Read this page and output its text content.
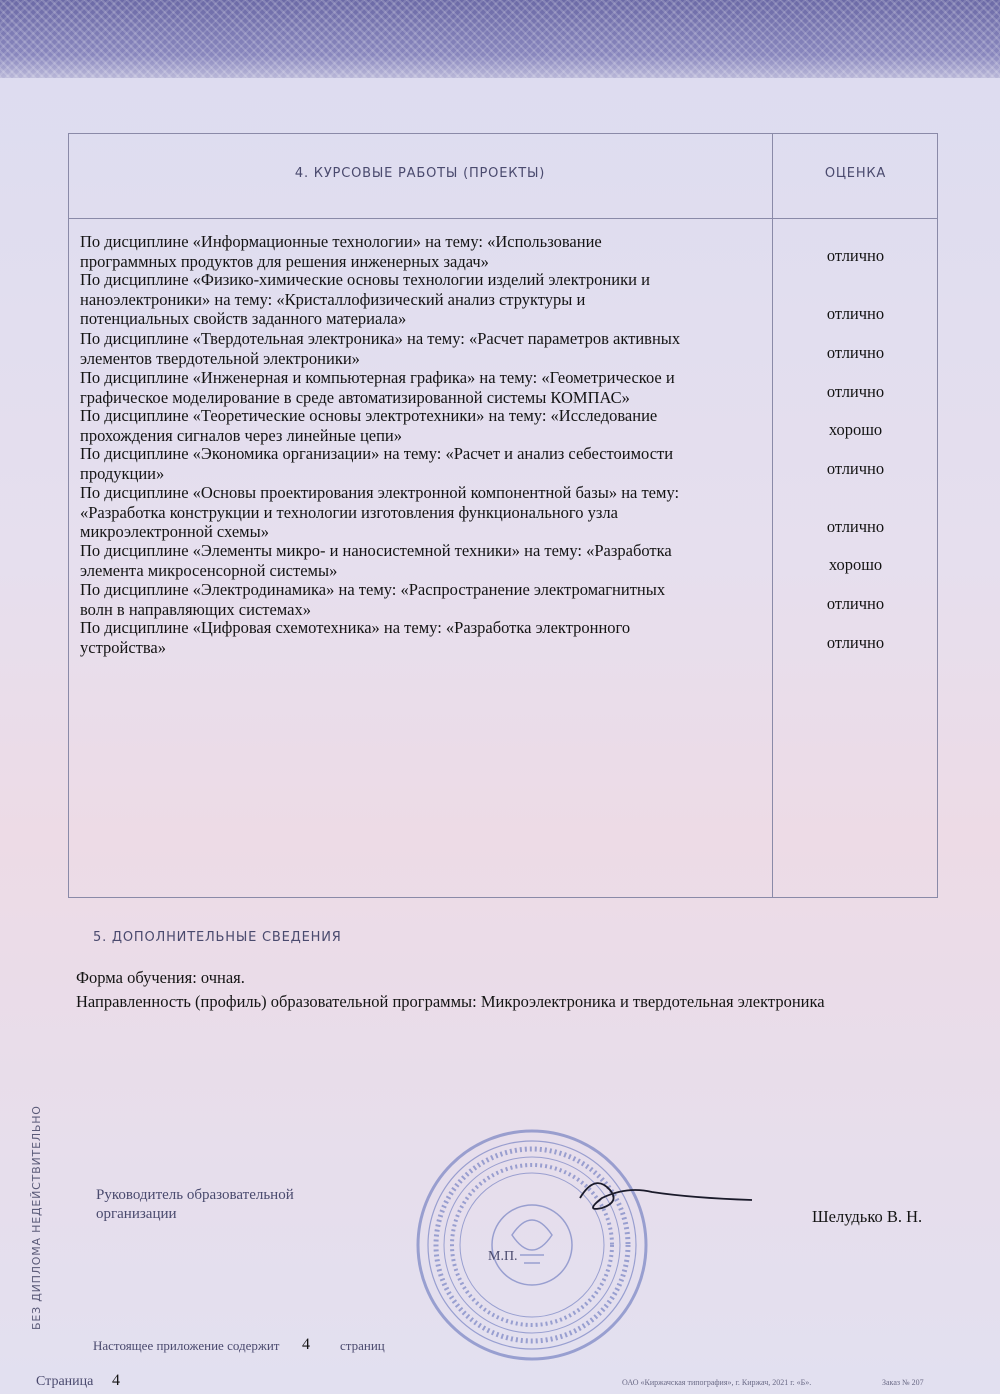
4. КУРСОВЫЕ РАБОТЫ (ПРОЕКТЫ)	ОЦЕНКА
По дисциплине «Информационные технологии» на тему: «Использование
программных продуктов для решения инженерных задач»	отлично
По дисциплине «Физико-химические основы технологии изделий электроники и
наноэлектроники» на тему: «Кристаллофизический анализ структуры и
потенциальных свойств заданного материала»	отлично
По дисциплине «Твердотельная электроника» на тему: «Расчет параметров активных
элементов твердотельной электроники»	отлично
По дисциплине «Инженерная и компьютерная графика» на тему: «Геометрическое и
графическое моделирование в среде автоматизированной системы КОМПАС»	отлично
По дисциплине «Теоретические основы электротехники» на тему: «Исследование
прохождения сигналов через линейные цепи»	хорошо
По дисциплине «Экономика организации» на тему: «Расчет и анализ себестоимости
продукции»	отлично
По дисциплине «Основы проектирования электронной компонентной базы» на тему:
«Разработка конструкции и технологии изготовления функционального узла
микроэлектронной схемы»	отлично
По дисциплине «Элементы микро- и наносистемной техники» на тему: «Разработка
элемента микросенсорной системы»	хорошо
По дисциплине «Электродинамика» на тему: «Распространение электромагнитных
волн в направляющих системах»	отлично
По дисциплине «Цифровая схемотехника» на тему: «Разработка электронного
устройства»	отлично
5. ДОПОЛНИТЕЛЬНЫЕ СВЕДЕНИЯ
Форма обучения: очная.
Направленность (профиль) образовательной программы: Микроэлектроника и твердотельная электроника
БЕЗ ДИПЛОМА НЕДЕЙСТВИТЕЛЬНО	Руководитель образовательной организации
М.П.
Шелудько В. Н.
Настоящее приложение содержит 4 страниц
Страница 4	ОАО «Киржачская типография», г. Киржач, 2021 г. «Б».	Заказ № 207
